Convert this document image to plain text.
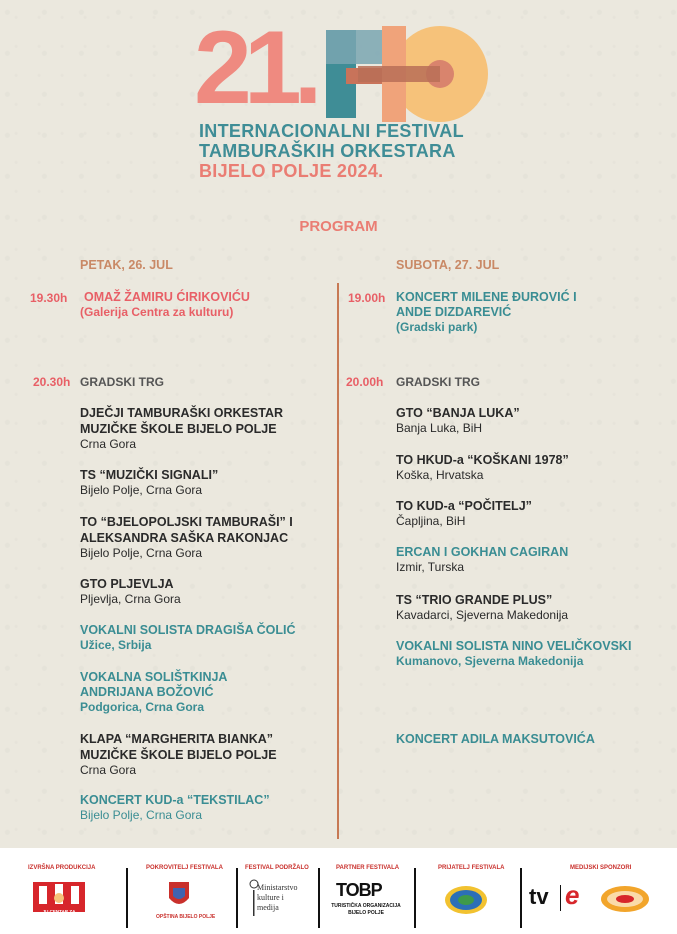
21.
INTERNACIONALNI FESTIVAL
TAMBURAŠKIH ORKESTARA
BIJELO POLJE 2024.
PROGRAM
PETAK, 26. JUL
19.30h OMAŽ ŽAMIRU ĆIRIKOVIĆU
(Galerija Centra za kulturu)
20.30h GRADSKI TRG
DJEČJI TAMBURAŠKI ORKESTAR
MUZIČKE ŠKOLE BIJELO POLJE
Crna Gora
TS “MUZIČKI SIGNALI”
Bijelo Polje, Crna Gora
TO “BJELOPOLJSKI TAMBURAŠI” I
ALEKSANDRA SAŠKA RAKONJAC
Bijelo Polje, Crna Gora
GTO PLJEVLJA
Pljevlja, Crna Gora
VOKALNI SOLISTA DRAGIŠA ČOLIĆ
Užice, Srbija
VOKALNA SOLIŠTKINJA
ANDRIJANA BOŽOVIĆ
Podgorica, Crna Gora
KLAPA “MARGHERITA BIANKA”
MUZIČKE ŠKOLE BIJELO POLJE
Crna Gora
KONCERT KUD-a “TEKSTILAC”
Bijelo Polje, Crna Gora
SUBOTA, 27. JUL
19.00h KONCERT MILENE ĐUROVIĆ I
ANDE DIZDAREVIĆ
(Gradski park)
20.00h GRADSKI TRG
GTO “BANJA LUKA”
Banja Luka, BiH
TO HKUD-a “KOŠKANI 1978”
Koška, Hrvatska
TO KUD-a “POČITELJ”
Čapljina, BiH
ERCAN I GOKHAN CAGIRAN
Izmir, Turska
TS “TRIO GRANDE PLUS”
Kavadarci, Sjeverna Makedonija
VOKALNI SOLISTA NINO VELIČKOVSKI
Kumanovo, Sjeverna Makedonija
KONCERT ADILA MAKSUTOVIĆA
IZVRŠNA PRODUKCIJA
JU CENTAR ZA KULTURU
POKROVITELJ FESTIVALA
OPŠTINA BIJELO POLJE
FESTIVAL PODRŽALO
Ministarstvo
kulture i
medija
PARTNER FESTIVALA
TOBP
TURISTIČKA ORGANIZACIJA
BIJELO POLJE
PRIJATELJ FESTIVALA	MEDIJSKI SPONZORI
tv e
